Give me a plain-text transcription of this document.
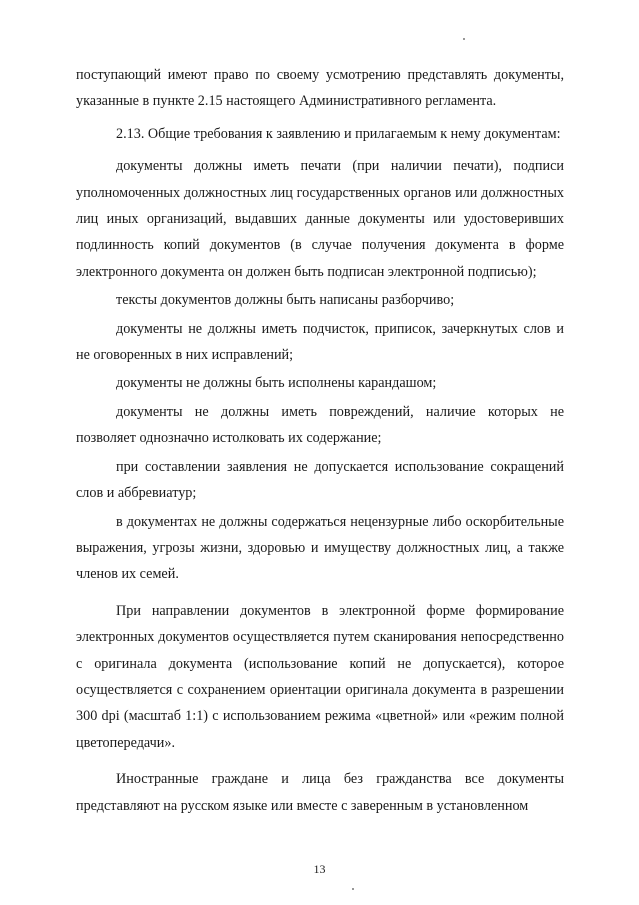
поступающий имеют право по своему усмотрению представлять документы, указанные в пункте 2.15 настоящего Административного регламента.

2.13. Общие требования к заявлению и прилагаемым к нему документам:

документы должны иметь печати (при наличии печати), подписи уполномоченных должностных лиц государственных органов или должностных лиц иных организаций, выдавших данные документы или удостоверивших подлинность копий документов (в случае получения документа в форме электронного документа он должен быть подписан электронной подписью);

тексты документов должны быть написаны разборчиво;

документы не должны иметь подчисток, приписок, зачеркнутых слов и не оговоренных в них исправлений;

документы не должны быть исполнены карандашом;

документы не должны иметь повреждений, наличие которых не позволяет однозначно истолковать их содержание;

при составлении заявления не допускается использование сокращений слов и аббревиатур;

в документах не должны содержаться нецензурные либо оскорбительные выражения, угрозы жизни, здоровью и имуществу должностных лиц, а также членов их семей.

При направлении документов в электронной форме формирование электронных документов осуществляется путем сканирования непосредственно с оригинала документа (использование копий не допускается), которое осуществляется с сохранением ориентации оригинала документа в разрешении 300 dpi (масштаб 1:1) с использованием режима «цветной» или «режим полной цветопередачи».

Иностранные граждане и лица без гражданства все документы представляют на русском языке или вместе с заверенным в установленном

13
